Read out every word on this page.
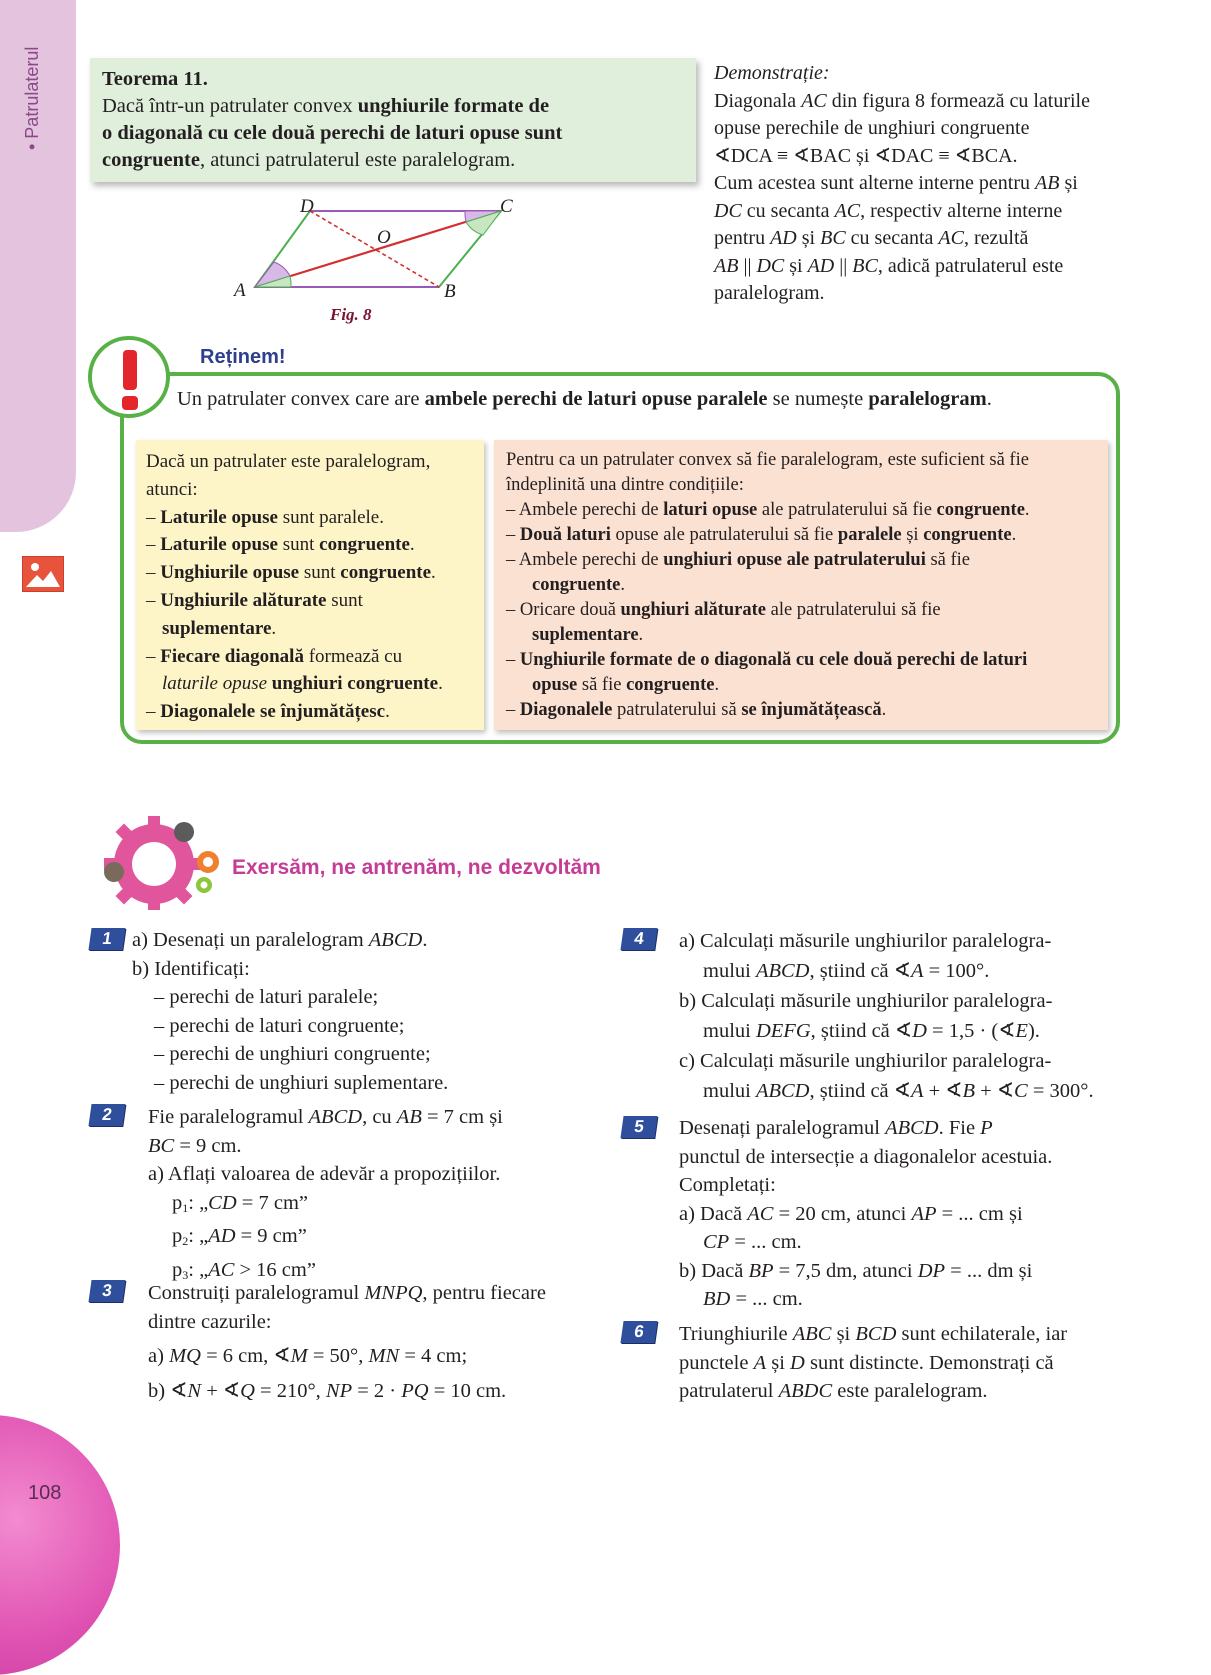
• Patrulaterul
108
Teorema 11.
Dacă într-un patrulater convex unghiurile formate de
o diagonală cu cele două perechi de laturi opuse sunt
congruente, atunci patrulaterul este paralelogram.
A	B
C
D
O
Fig. 8
Demonstrație:
Diagonala AC din figura 8 formează cu laturile
opuse perechile de unghiuri congruente
∢DCA ≡ ∢BAC și ∢DAC ≡ ∢BCA.
Cum acestea sunt alterne interne pentru AB și
DC cu secanta AC, respectiv alterne interne
pentru AD și BC cu secanta AC, rezultă
AB || DC și AD || BC, adică patrulaterul este
paralelogram.
Reținem!
Un patrulater convex care are ambele perechi de laturi opuse paralele se numește paralelogram.
Dacă un patrulater este paralelogram,
atunci:
– Laturile opuse sunt paralele.
– Laturile opuse sunt congruente.
– Unghiurile opuse sunt congruente.
– Unghiurile alăturate sunt
suplementare.
– Fiecare diagonală formează cu
laturile opuse unghiuri congruente.
– Diagonalele se înjumătățesc.
Pentru ca un patrulater convex să fie paralelogram, este suficient să fie
îndeplinită una dintre condițiile:
– Ambele perechi de laturi opuse ale patrulaterului să fie congruente.
– Două laturi opuse ale patrulaterului să fie paralele și congruente.
– Ambele perechi de unghiuri opuse ale patrulaterului să fie
congruente.
– Oricare două unghiuri alăturate ale patrulaterului să fie
suplementare.
– Unghiurile formate de o diagonală cu cele două perechi de laturi
opuse să fie congruente.
– Diagonalele patrulaterului să se înjumătățească.
Exersăm, ne antrenăm, ne dezvoltăm
1 a) Desenați un paralelogram ABCD.

b) Identificați:

– perechi de laturi paralele;

– perechi de laturi congruente;

– perechi de unghiuri congruente;

– perechi de unghiuri suplementare.

2	Fie paralelogramul ABCD, cu AB = 7 cm și

BC = 9 cm.

a) Aflați valoarea de adevăr a propozițiilor.

$p_1$: „CD = 7 cm”

$p_2$: „AD = 9 cm”

$p_3$: „AC > 16 cm”

3	Construiți paralelogramul MNPQ, pentru fiecare

dintre cazurile:

a) MQ = 6 cm, ∢M = 50°, MN = 4 cm;

b) ∢N + ∢Q = 210°, NP = 2 · PQ = 10 cm.

4	a) Calculați măsurile unghiurilor paralelogra-

mului ABCD, știind că ∢A = 100°.

b) Calculați măsurile unghiurilor paralelogra-

mului DEFG, știind că ∢D = 1,5 · (∢E).

c) Calculați măsurile unghiurilor paralelogra-

mului ABCD, știind că ∢A + ∢B + ∢C = 300°.

5	Desenați paralelogramul ABCD. Fie P

punctul de intersecție a diagonalelor acestuia.

Completați:

a) Dacă AC = 20 cm, atunci AP = ... cm și

CP = ... cm.

b) Dacă BP = 7,5 dm, atunci DP = ... dm și

BD = ... cm.

6	Triunghiurile ABC și BCD sunt echilaterale, iar

punctele A și D sunt distincte. Demonstrați că

patrulaterul ABDC este paralelogram.
